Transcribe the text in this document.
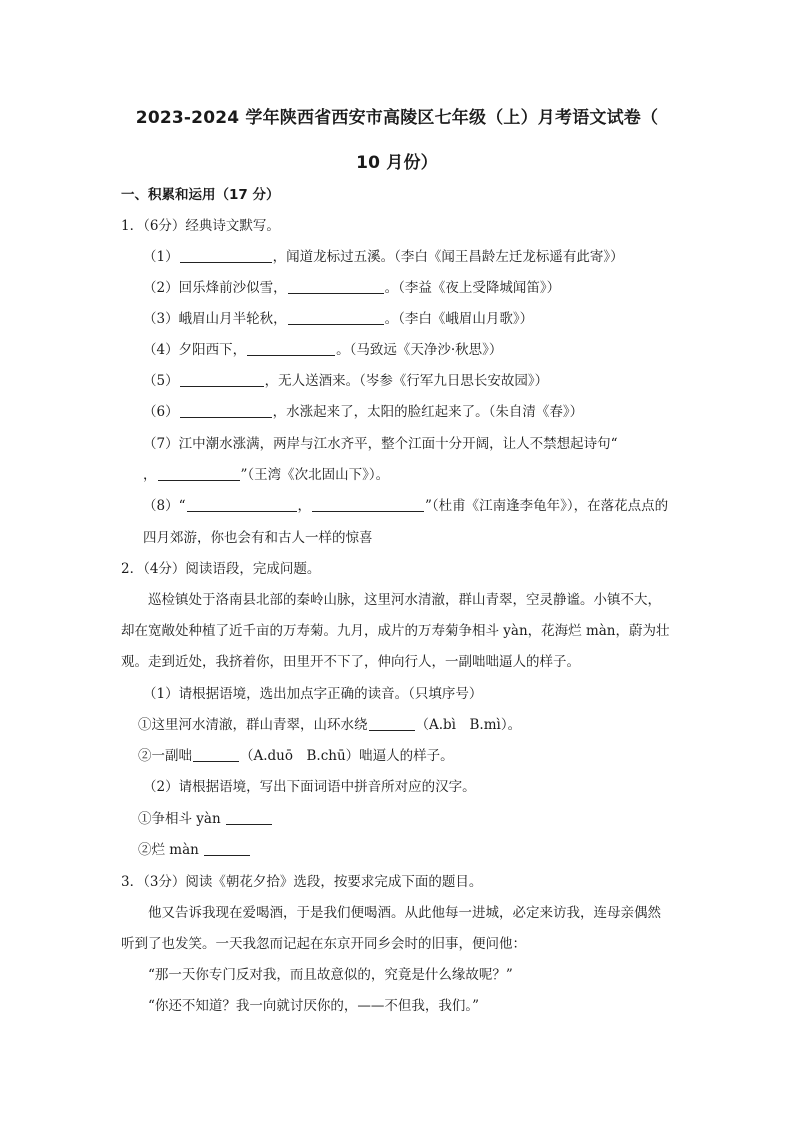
2023-2024 学年陕西省西安市高陵区七年级（上）月考语文试卷（
10 月份）
一、积累和运用（17 分）
1．（6分）经典诗文默写。
（1）	，闻道龙标过五溪。（李白《闻王昌龄左迁龙标遥有此寄》）
（2）回乐烽前沙似雪，	。（李益《夜上受降城闻笛》）
（3）峨眉山月半轮秋，	。（李白《峨眉山月歌》）
（4）夕阳西下，	。（马致远《天净沙·秋思》）
（5）	，无人送酒来。（岑参《行军九日思长安故园》）
（6）	，水涨起来了，太阳的脸红起来了。（朱自清《春》）
（7）江中潮水涨满，两岸与江水齐平，整个江面十分开阔，让人不禁想起诗句“
，	”（王湾《次北固山下》）。
（8）“	，	”（杜甫《江南逢李龟年》），在落花点点的
四月郊游，你也会有和古人一样的惊喜
2．（4分）阅读语段，完成问题。
巡检镇处于洛南县北部的秦岭山脉，这里河水清澈，群山青翠，空灵静谧。小镇不大，
却在宽敞处种植了近千亩的万寿菊。九月，成片的万寿菊争相斗 yàn，花海烂 màn，蔚为壮
观。走到近处，我挤着你，田里开不下了，伸向行人，一副咄咄逼人的样子。
（1）请根据语境，选出加点字正确的读音。（只填序号）
①这里河水清澈，群山青翠，山环水绕	（A.bì　B.mì）。
②一副咄	（A.duō　B.chū）咄逼人的样子。
（2）请根据语境，写出下面词语中拼音所对应的汉字。
①争相斗 yàn
②烂 màn
3．（3分）阅读《朝花夕拾》选段，按要求完成下面的题目。
他又告诉我现在爱喝酒，于是我们便喝酒。从此他每一进城，必定来访我，连母亲偶然
听到了也发笑。一天我忽而记起在东京开同乡会时的旧事，便问他：
“那一天你专门反对我，而且故意似的，究竟是什么缘故呢？”
“你还不知道？我一向就讨厌你的，——不但我，我们。”
